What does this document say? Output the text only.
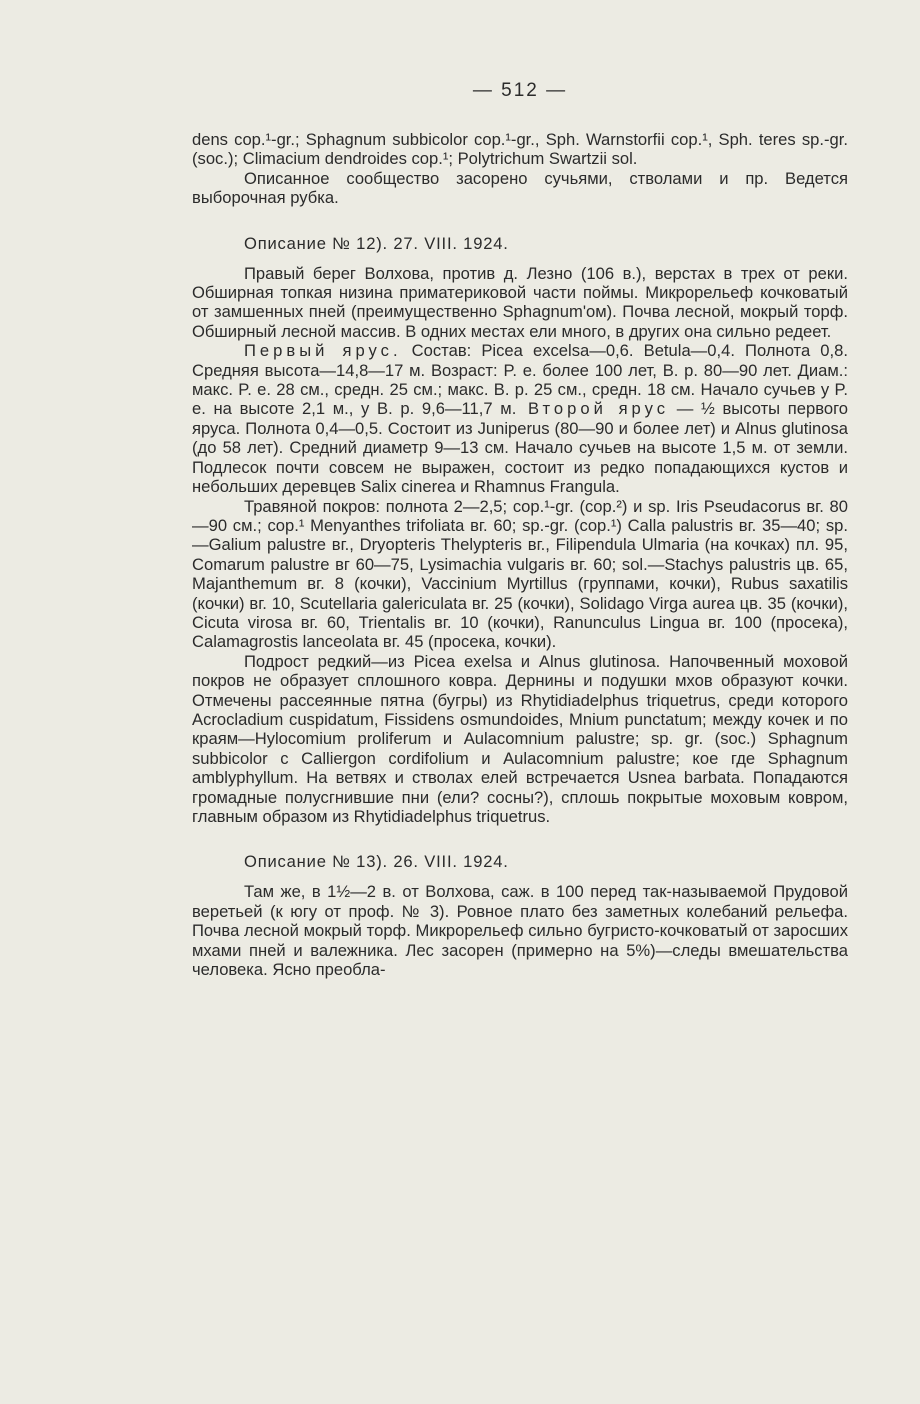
— 512 —

dens cop.¹-gr.; Sphagnum subbicolor cop.¹-gr., Sph. Warnstorfii cop.¹, Sph. teres sp.-gr. (soc.); Climacium dendroides cop.¹; Polytrichum Swartzii sol.

Описанное сообщество засорено сучьями, стволами и пр. Ведется выборочная рубка.

Описание № 12). 27. VIII. 1924.

Правый берег Волхова, против д. Лезно (106 в.), верстах в трех от реки. Обширная топкая низина приматериковой части поймы. Микрорельеф кочковатый от замшенных пней (преимущественно Sphagnum'ом). Почва лесной, мокрый торф. Обширный лесной массив. В одних местах ели много, в других она сильно редеет.

Первый ярус. Состав: Picea excelsa—0,6. Betula—0,4. Полнота 0,8. Средняя высота—14,8—17 м. Возраст: P. e. более 100 лет, B. p. 80—90 лет. Диам.: макс. P. e. 28 см., средн. 25 см.; макс. B. p. 25 см., средн. 18 см. Начало сучьев у P. e. на высоте 2,1 м., у B. p. 9,6—11,7 м. Второй ярус — ½ высоты первого яруса. Полнота 0,4—0,5. Состоит из Juniperus (80—90 и более лет) и Alnus glutinosa (до 58 лет). Средний диаметр 9—13 см. Начало сучьев на высоте 1,5 м. от земли. Подлесок почти совсем не выражен, состоит из редко попадающихся кустов и небольших деревцев Salix cinerea и Rhamnus Frangula.

Травяной покров: полнота 2—2,5; cop.¹-gr. (cop.²) и sp. Iris Pseudacorus вг. 80—90 см.; cop.¹ Menyanthes trifoliata вг. 60; sp.-gr. (cop.¹) Calla palustris вг. 35—40; sp.—Galium palustre вг., Dryopteris Thelypteris вг., Filipendula Ulmaria (на кочках) пл. 95, Comarum palustre вг 60—75, Lysimachia vulgaris вг. 60; sol.—Stachys palustris цв. 65, Majanthemum вг. 8 (кочки), Vaccinium Myrtillus (группами, кочки), Rubus saxatilis (кочки) вг. 10, Scutellaria galericulata вг. 25 (кочки), Solidago Virga aurea цв. 35 (кочки), Cicuta virosa вг. 60, Trientalis вг. 10 (кочки), Ranunculus Lingua вг. 100 (просека), Calamagrostis lanceolata вг. 45 (просека, кочки).

Подрост редкий—из Picea exelsa и Alnus glutinosa. Напочвенный моховой покров не образует сплошного ковра. Дернины и подушки мхов образуют кочки. Отмечены рассеянные пятна (бугры) из Rhytidiadelphus triquetrus, среди которого Acrocladium cuspidatum, Fissidens osmundoides, Mnium punctatum; между кочек и по краям—Hylocomium proliferum и Aulacomnium palustre; sp. gr. (soc.) Sphagnum subbicolor с Calliergon cordifolium и Aulacomnium palustre; кое где Sphagnum amblyphyllum. На ветвях и стволах елей встречается Usnea barbata. Попадаются громадные полусгнившие пни (ели? сосны?), сплошь покрытые моховым ковром, главным образом из Rhytidiadelphus triquetrus.

Описание № 13). 26. VIII. 1924.

Там же, в 1½—2 в. от Волхова, саж. в 100 перед так-называемой Прудовой веретьей (к югу от проф. № 3). Ровное плато без заметных колебаний рельефа. Почва лесной мокрый торф. Микрорельеф сильно бугристо-кочковатый от заросших мхами пней и валежника. Лес засорен (примерно на 5%)—следы вмешательства человека. Ясно преобла-
